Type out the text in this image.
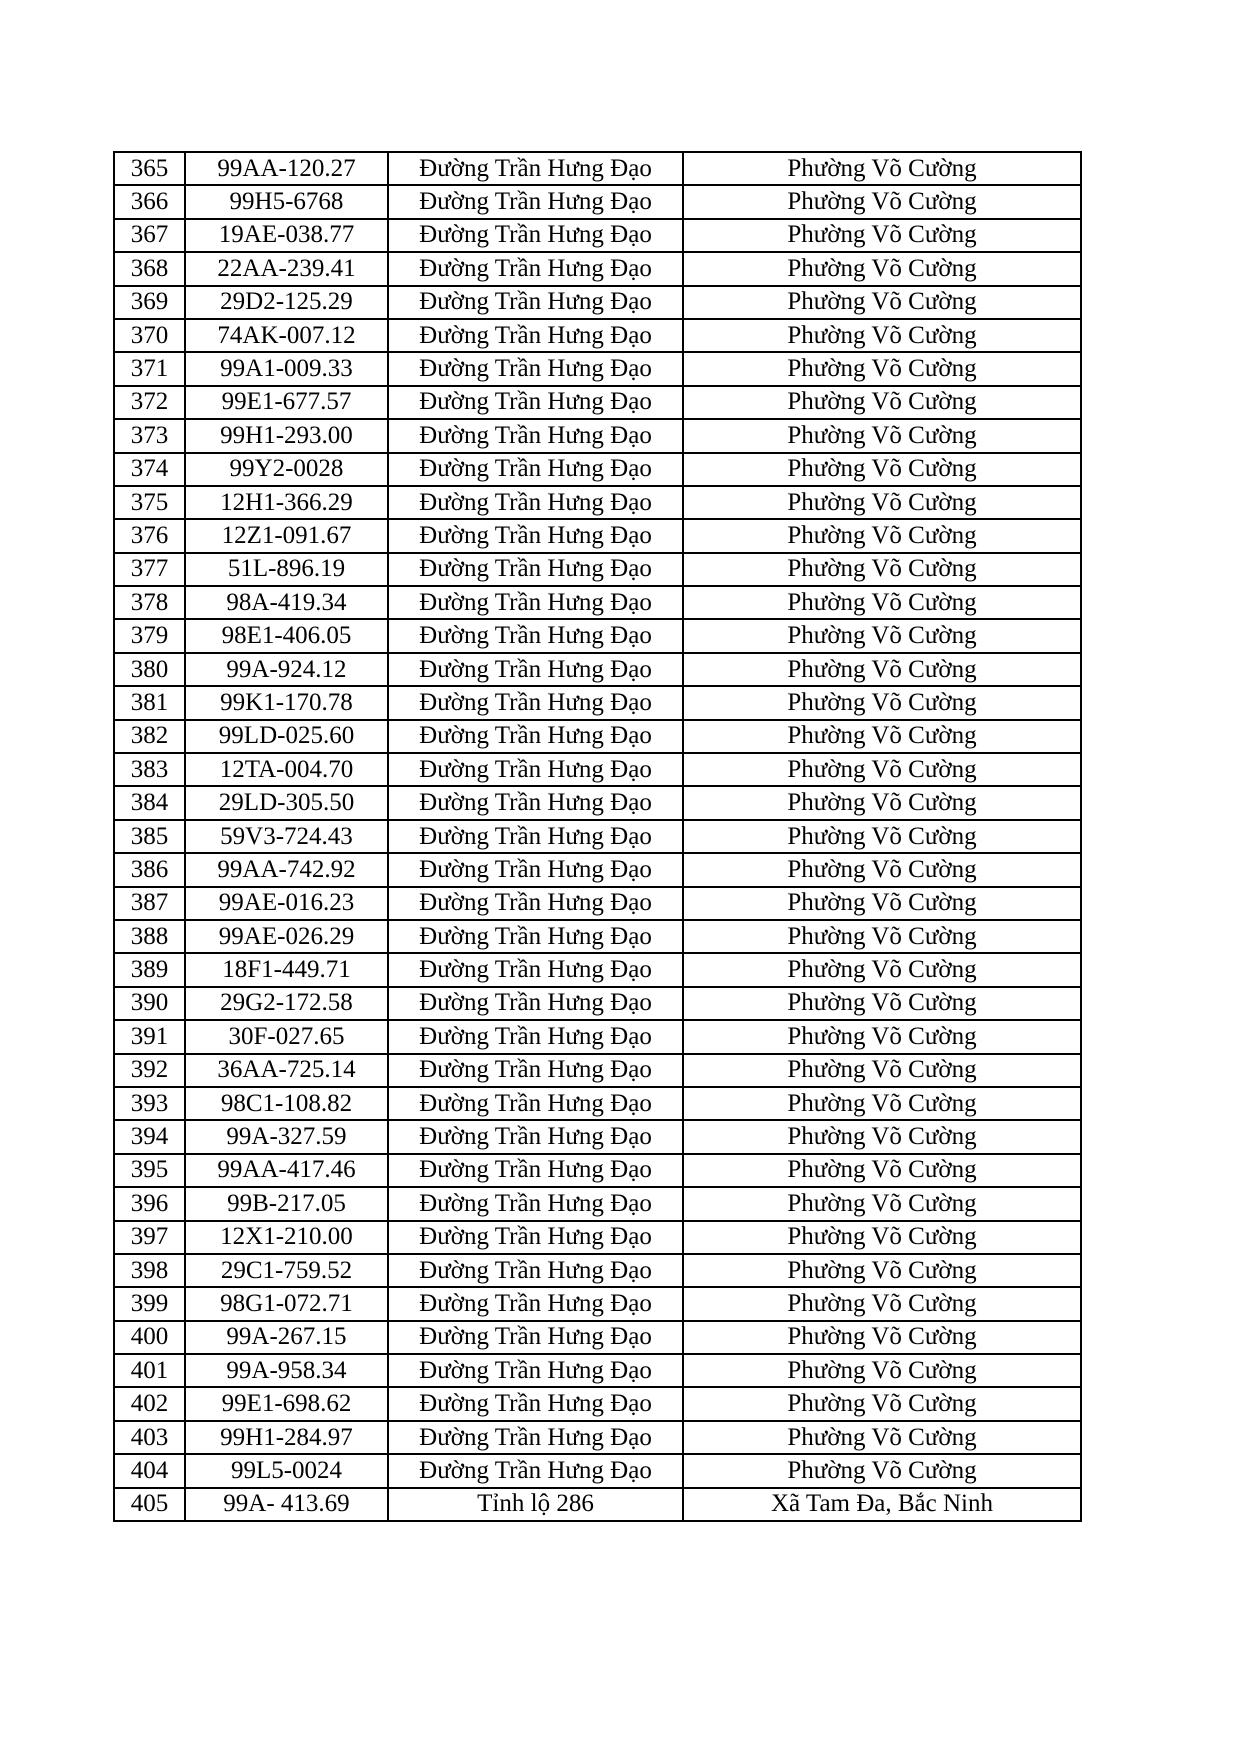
365	99AA-120.27	Đường Trần Hưng Đạo	Phường Võ Cường
366	99H5-6768	Đường Trần Hưng Đạo	Phường Võ Cường
367	19AE-038.77	Đường Trần Hưng Đạo	Phường Võ Cường
368	22AA-239.41	Đường Trần Hưng Đạo	Phường Võ Cường
369	29D2-125.29	Đường Trần Hưng Đạo	Phường Võ Cường
370	74AK-007.12	Đường Trần Hưng Đạo	Phường Võ Cường
371	99A1-009.33	Đường Trần Hưng Đạo	Phường Võ Cường
372	99E1-677.57	Đường Trần Hưng Đạo	Phường Võ Cường
373	99H1-293.00	Đường Trần Hưng Đạo	Phường Võ Cường
374	99Y2-0028	Đường Trần Hưng Đạo	Phường Võ Cường
375	12H1-366.29	Đường Trần Hưng Đạo	Phường Võ Cường
376	12Z1-091.67	Đường Trần Hưng Đạo	Phường Võ Cường
377	51L-896.19	Đường Trần Hưng Đạo	Phường Võ Cường
378	98A-419.34	Đường Trần Hưng Đạo	Phường Võ Cường
379	98E1-406.05	Đường Trần Hưng Đạo	Phường Võ Cường
380	99A-924.12	Đường Trần Hưng Đạo	Phường Võ Cường
381	99K1-170.78	Đường Trần Hưng Đạo	Phường Võ Cường
382	99LD-025.60	Đường Trần Hưng Đạo	Phường Võ Cường
383	12TA-004.70	Đường Trần Hưng Đạo	Phường Võ Cường
384	29LD-305.50	Đường Trần Hưng Đạo	Phường Võ Cường
385	59V3-724.43	Đường Trần Hưng Đạo	Phường Võ Cường
386	99AA-742.92	Đường Trần Hưng Đạo	Phường Võ Cường
387	99AE-016.23	Đường Trần Hưng Đạo	Phường Võ Cường
388	99AE-026.29	Đường Trần Hưng Đạo	Phường Võ Cường
389	18F1-449.71	Đường Trần Hưng Đạo	Phường Võ Cường
390	29G2-172.58	Đường Trần Hưng Đạo	Phường Võ Cường
391	30F-027.65	Đường Trần Hưng Đạo	Phường Võ Cường
392	36AA-725.14	Đường Trần Hưng Đạo	Phường Võ Cường
393	98C1-108.82	Đường Trần Hưng Đạo	Phường Võ Cường
394	99A-327.59	Đường Trần Hưng Đạo	Phường Võ Cường
395	99AA-417.46	Đường Trần Hưng Đạo	Phường Võ Cường
396	99B-217.05	Đường Trần Hưng Đạo	Phường Võ Cường
397	12X1-210.00	Đường Trần Hưng Đạo	Phường Võ Cường
398	29C1-759.52	Đường Trần Hưng Đạo	Phường Võ Cường
399	98G1-072.71	Đường Trần Hưng Đạo	Phường Võ Cường
400	99A-267.15	Đường Trần Hưng Đạo	Phường Võ Cường
401	99A-958.34	Đường Trần Hưng Đạo	Phường Võ Cường
402	99E1-698.62	Đường Trần Hưng Đạo	Phường Võ Cường
403	99H1-284.97	Đường Trần Hưng Đạo	Phường Võ Cường
404	99L5-0024	Đường Trần Hưng Đạo	Phường Võ Cường
405	99A- 413.69	Tỉnh lộ 286	Xã Tam Đa, Bắc Ninh
